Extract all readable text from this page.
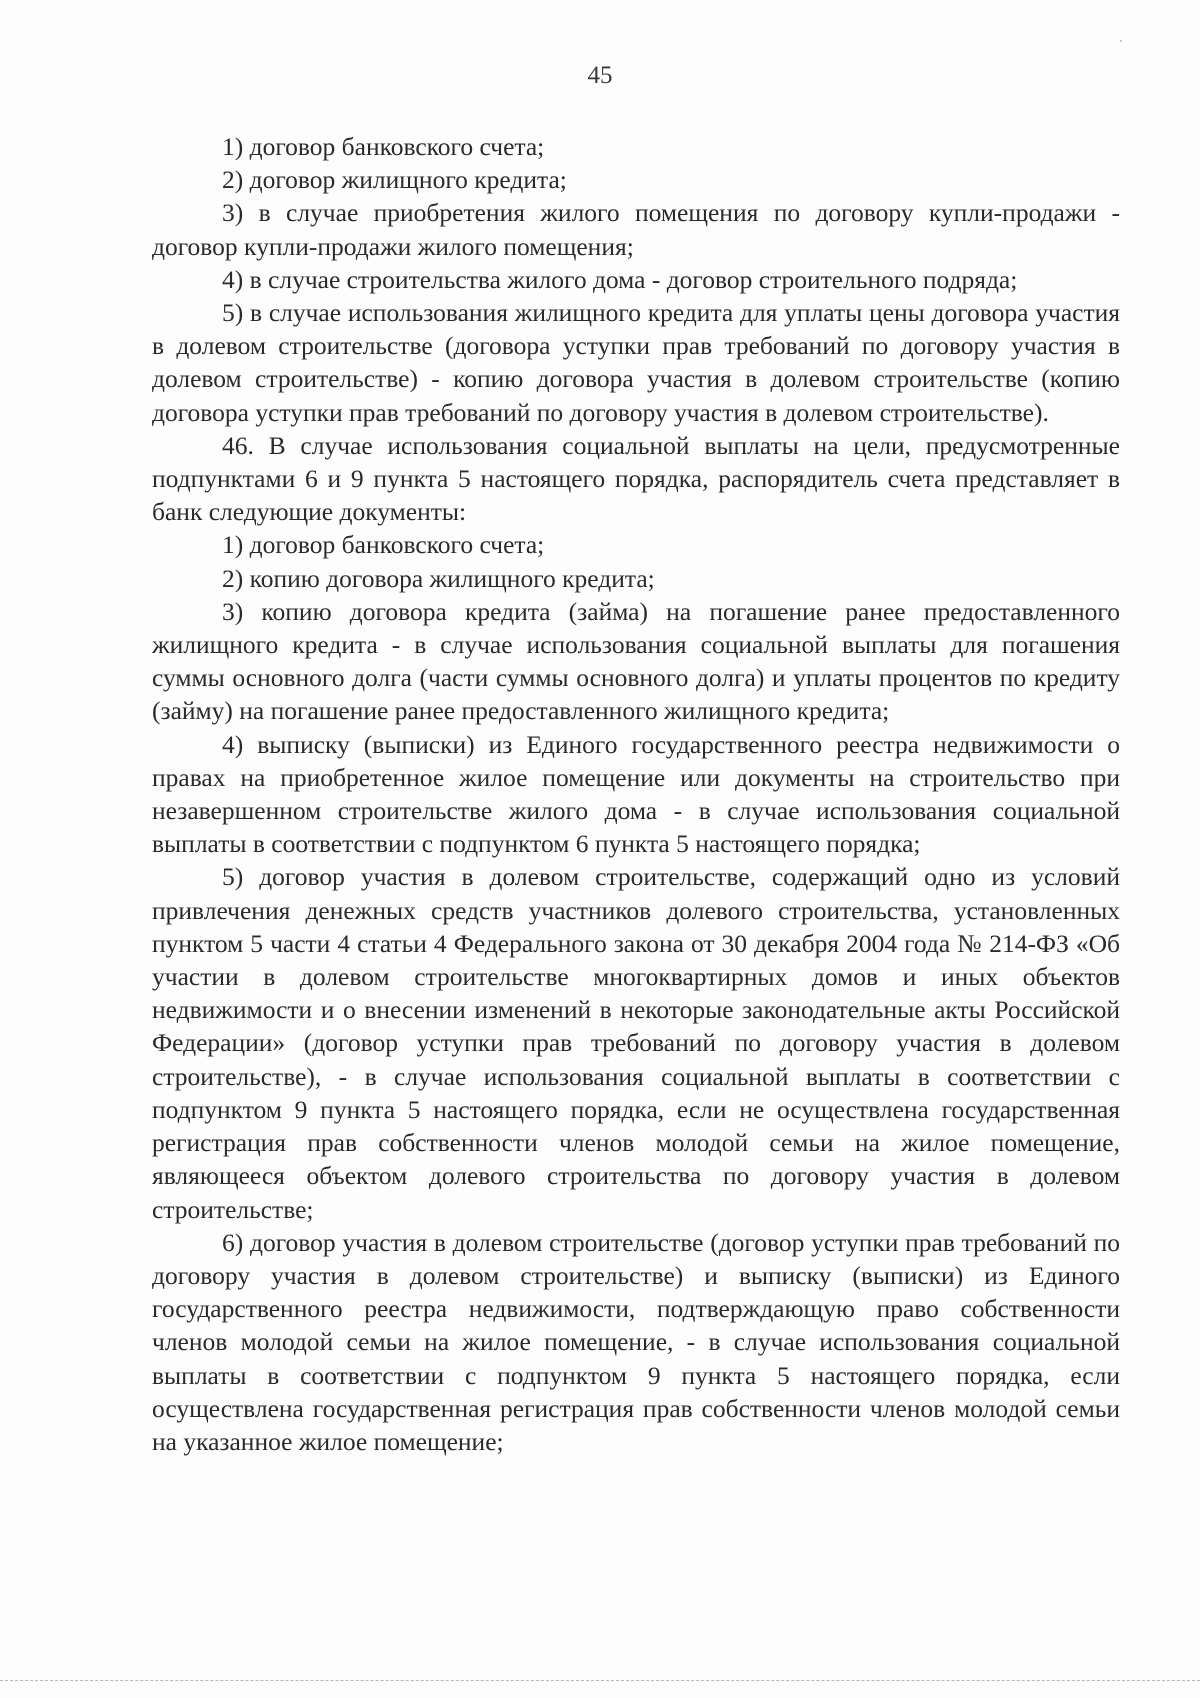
45

1) договор банковского счета;

2) договор жилищного кредита;

3) в случае приобретения жилого помещения по договору купли-продажи - договор купли-продажи жилого помещения;

4) в случае строительства жилого дома - договор строительного подряда;

5) в случае использования жилищного кредита для уплаты цены договора участия в долевом строительстве (договора уступки прав требований по договору участия в долевом строительстве) - копию договора участия в долевом строительстве (копию договора уступки прав требований по договору участия в долевом строительстве).

46. В случае использования социальной выплаты на цели, предусмотренные подпунктами 6 и 9 пункта 5 настоящего порядка, распорядитель счета представляет в банк следующие документы:

1) договор банковского счета;

2) копию договора жилищного кредита;

3) копию договора кредита (займа) на погашение ранее предоставленного жилищного кредита - в случае использования социальной выплаты для погашения суммы основного долга (части суммы основного долга) и уплаты процентов по кредиту (займу) на погашение ранее предоставленного жилищного кредита;

4) выписку (выписки) из Единого государственного реестра недвижимости о правах на приобретенное жилое помещение или документы на строительство при незавершенном строительстве жилого дома - в случае использования социальной выплаты в соответствии с подпунктом 6 пункта 5 настоящего порядка;

5) договор участия в долевом строительстве, содержащий одно из условий привлечения денежных средств участников долевого строительства, установленных пунктом 5 части 4 статьи 4 Федерального закона от 30 декабря 2004 года № 214-ФЗ «Об участии в долевом строительстве многоквартирных домов и иных объектов недвижимости и о внесении изменений в некоторые законодательные акты Российской Федерации» (договор уступки прав требований по договору участия в долевом строительстве), - в случае использования социальной выплаты в соответствии с подпунктом 9 пункта 5 настоящего порядка, если не осуществлена государственная регистрация прав собственности членов молодой семьи на жилое помещение, являющееся объектом долевого строительства по договору участия в долевом строительстве;

6) договор участия в долевом строительстве (договор уступки прав требований по договору участия в долевом строительстве) и выписку (выписки) из Единого государственного реестра недвижимости, подтверждающую право собственности членов молодой семьи на жилое помещение, - в случае использования социальной выплаты в соответствии с подпунктом 9 пункта 5 настоящего порядка, если осуществлена государственная регистрация прав собственности членов молодой семьи на указанное жилое помещение;
